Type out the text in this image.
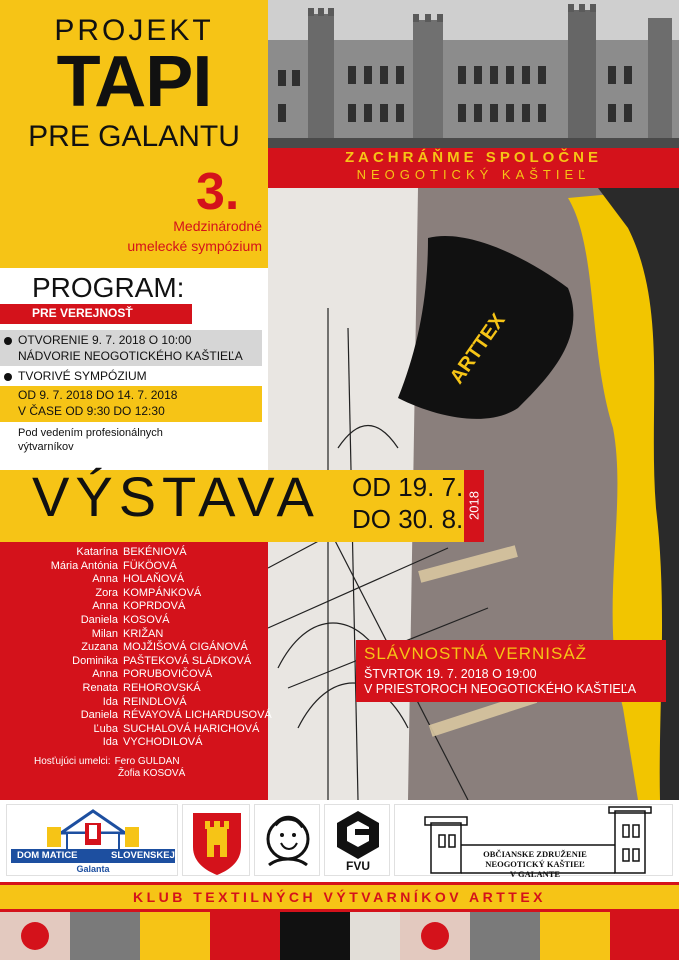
PROJEKT
TAPI
PRE GALANTU
3.
Medzinárodné
umelecké sympózium
ZACHRÁŇME SPOLOČNE
NEOGOTICKÝ KAŠTIEĽ
ARTTEX
PROGRAM:
PRE VEREJNOSŤ
OTVORENIE 9. 7. 2018 O 10:00
NÁDVORIE NEOGOTICKÉHO KAŠTIEĽA
TVORIVÉ SYMPÓZIUM
OD 9. 7. 2018 DO 14. 7. 2018
V ČASE OD 9:30 DO 12:30
Pod vedením profesionálnych
výtvarníkov
VÝSTAVA OD 19. 7.
DO 30. 8. 2018
Katarína BEKÉNIOVÁ
Mária Antónia FÜKÖOVÁ
Anna HOLAŇOVÁ
Zora KOMPÁNKOVÁ
Anna KOPRDOVÁ
Daniela KOSOVÁ
Milan KRIŽAN
Zuzana MOJŽIŠOVÁ CIGÁNOVÁ
Dominika PAŠTEKOVÁ SLÁDKOVÁ
Anna PORUBOVIČOVÁ
Renata REHOROVSKÁ
Ida REINDLOVÁ
Daniela RÉVAYOVÁ LICHARDUSOVÁ
Ľuba SUCHALOVÁ HARICHOVÁ
Ida VYCHODILOVÁ
Hosťujúci umelci: Fero GULDAN
Žofia KOSOVÁ
SLÁVNOSTNÁ VERNISÁŽ
ŠTVRTOK 19. 7. 2018 O 19:00
V PRIESTOROCH NEOGOTICKÉHO KAŠTIEĽA
DOM MATICE	SLOVENSKEJ
Galanta	FVU
OBČIANSKE ZDRUŽENIE
NEOGOTICKÝ KAŠTIEĽ
V GALANTE
KLUB TEXTILNÝCH VÝTVARNÍKOV ARTTEX
